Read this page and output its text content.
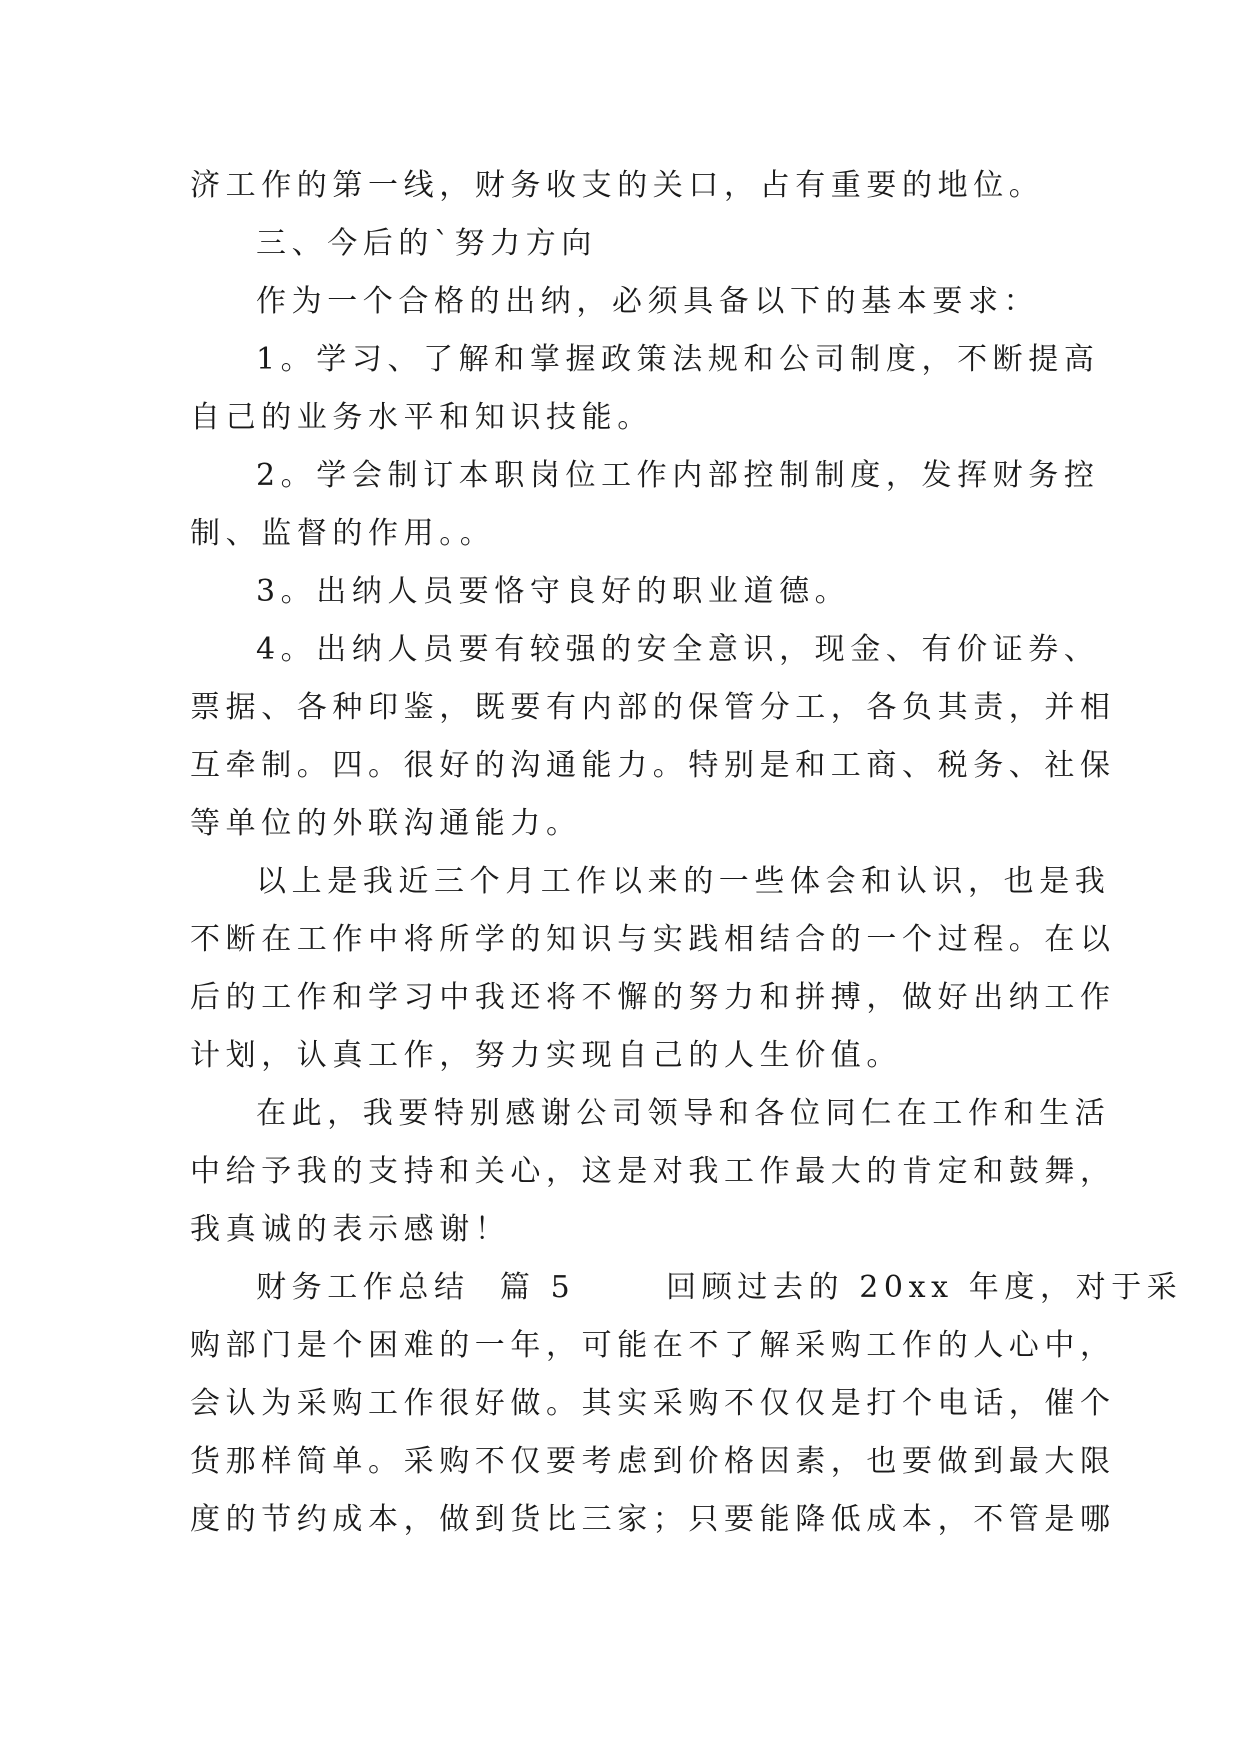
济工作的第一线，财务收支的关口，占有重要的地位。
三、今后的`努力方向
作为一个合格的出纳，必须具备以下的基本要求：
1。学习、了解和掌握政策法规和公司制度，不断提高
自己的业务水平和知识技能。
2。学会制订本职岗位工作内部控制制度，发挥财务控
制、监督的作用。。
3。出纳人员要恪守良好的职业道德。
4。出纳人员要有较强的安全意识，现金、有价证券、
票据、各种印鉴，既要有内部的保管分工，各负其责，并相
互牵制。四。很好的沟通能力。特别是和工商、税务、社保
等单位的外联沟通能力。
以上是我近三个月工作以来的一些体会和认识，也是我
不断在工作中将所学的知识与实践相结合的一个过程。在以
后的工作和学习中我还将不懈的努力和拼搏，做好出纳工作
计划，认真工作，努力实现自己的人生价值。
在此，我要特别感谢公司领导和各位同仁在工作和生活
中给予我的支持和关心，这是对我工作最大的肯定和鼓舞，
我真诚的表示感谢！
财务工作总结  篇 5      回顾过去的 20xx 年度，对于采
购部门是个困难的一年，可能在不了解采购工作的人心中，
会认为采购工作很好做。其实采购不仅仅是打个电话，催个
货那样简单。采购不仅要考虑到价格因素，也要做到最大限
度的节约成本，做到货比三家；只要能降低成本，不管是哪
